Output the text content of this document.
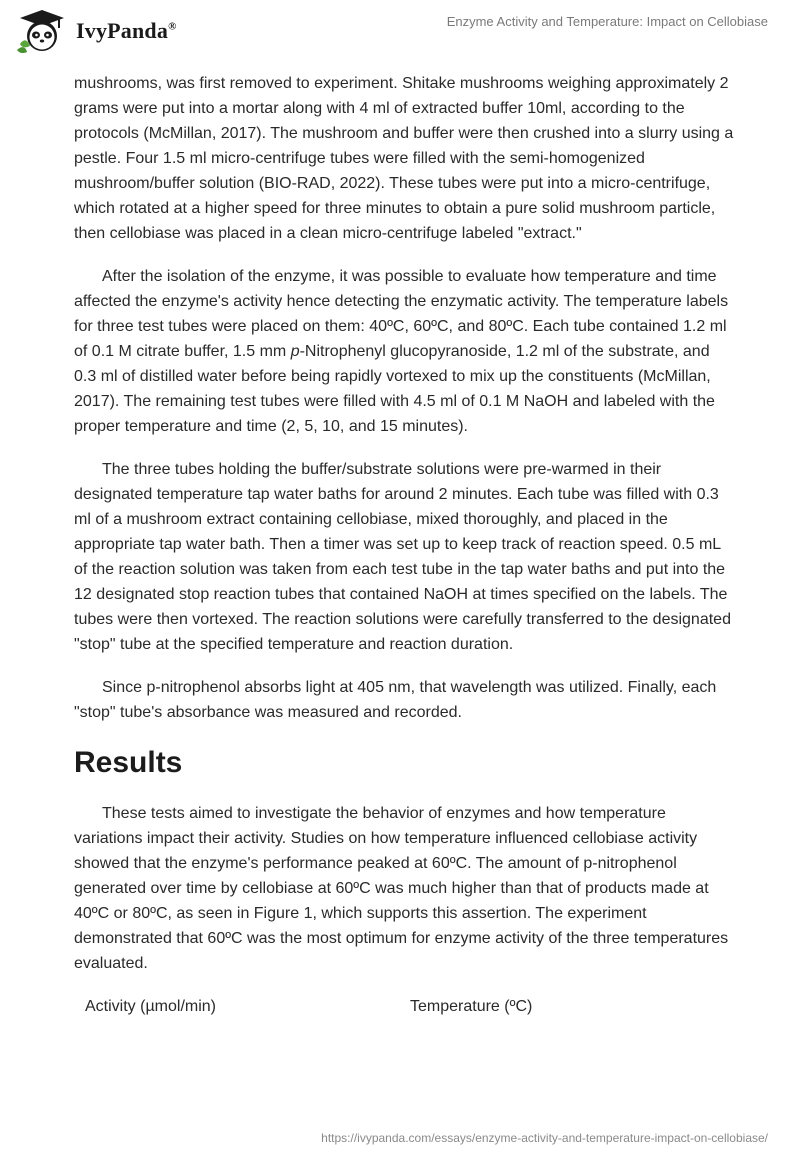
IvyPanda®	Enzyme Activity and Temperature: Impact on Cellobiase

mushrooms, was first removed to experiment. Shitake mushrooms weighing approximately 2 grams were put into a mortar along with 4 ml of extracted buffer 10ml, according to the protocols (McMillan, 2017). The mushroom and buffer were then crushed into a slurry using a pestle. Four 1.5 ml micro-centrifuge tubes were filled with the semi-homogenized mushroom/buffer solution (BIO-RAD, 2022). These tubes were put into a micro-centrifuge, which rotated at a higher speed for three minutes to obtain a pure solid mushroom particle, then cellobiase was placed in a clean micro-centrifuge labeled "extract."

After the isolation of the enzyme, it was possible to evaluate how temperature and time affected the enzyme's activity hence detecting the enzymatic activity. The temperature labels for three test tubes were placed on them: 40ºC, 60ºC, and 80ºC. Each tube contained 1.2 ml of 0.1 M citrate buffer, 1.5 mm p-Nitrophenyl glucopyranoside, 1.2 ml of the substrate, and 0.3 ml of distilled water before being rapidly vortexed to mix up the constituents (McMillan, 2017). The remaining test tubes were filled with 4.5 ml of 0.1 M NaOH and labeled with the proper temperature and time (2, 5, 10, and 15 minutes).

The three tubes holding the buffer/substrate solutions were pre-warmed in their designated temperature tap water baths for around 2 minutes. Each tube was filled with 0.3 ml of a mushroom extract containing cellobiase, mixed thoroughly, and placed in the appropriate tap water bath. Then a timer was set up to keep track of reaction speed. 0.5 mL of the reaction solution was taken from each test tube in the tap water baths and put into the 12 designated stop reaction tubes that contained NaOH at times specified on the labels. The tubes were then vortexed. The reaction solutions were carefully transferred to the designated "stop" tube at the specified temperature and reaction duration.

Since p-nitrophenol absorbs light at 405 nm, that wavelength was utilized. Finally, each "stop" tube's absorbance was measured and recorded.

Results

These tests aimed to investigate the behavior of enzymes and how temperature variations impact their activity. Studies on how temperature influenced cellobiase activity showed that the enzyme's performance peaked at 60ºC. The amount of p-nitrophenol generated over time by cellobiase at 60ºC was much higher than that of products made at 40ºC or 80ºC, as seen in Figure 1, which supports this assertion. The experiment demonstrated that 60ºC was the most optimum for enzyme activity of the three temperatures evaluated.

Activity (µmol/min)	Temperature (ºC)
https://ivypanda.com/essays/enzyme-activity-and-temperature-impact-on-cellobiase/
